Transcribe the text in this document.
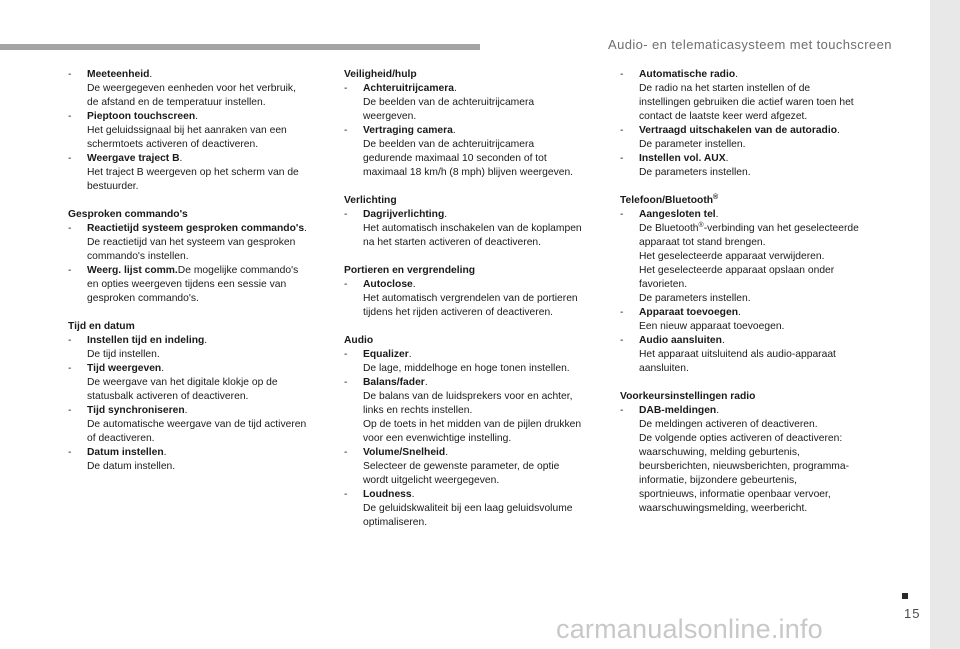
Audio- en telematicasysteem met touchscreen
15
carmanualsonline.info
- Meeteenheid.
De weergegeven eenheden voor het verbruik,
de afstand en de temperatuur instellen.
- Pieptoon touchscreen.
Het geluidssignaal bij het aanraken van een
schermtoets activeren of deactiveren.
- Weergave traject B.
Het traject B weergeven op het scherm van de
bestuurder.
Gesproken commando's
- Reactietijd systeem gesproken commando's.
De reactietijd van het systeem van gesproken
commando's instellen.
- Weerg. lijst comm.De mogelijke commando's
en opties weergeven tijdens een sessie van
gesproken commando's.
Tijd en datum
- Instellen tijd en indeling.
De tijd instellen.
- Tijd weergeven.
De weergave van het digitale klokje op de
statusbalk activeren of deactiveren.
- Tijd synchroniseren.
De automatische weergave van de tijd activeren
of deactiveren.
- Datum instellen.
De datum instellen.
Veiligheid/hulp
- Achteruitrijcamera.
De beelden van de achteruitrijcamera
weergeven.
- Vertraging camera.
De beelden van de achteruitrijcamera
gedurende maximaal 10 seconden of tot
maximaal 18 km/h (8 mph) blijven weergeven.
Verlichting
- Dagrijverlichting.
Het automatisch inschakelen van de koplampen
na het starten activeren of deactiveren.
Portieren en vergrendeling
- Autoclose.
Het automatisch vergrendelen van de portieren
tijdens het rijden activeren of deactiveren.
Audio
- Equalizer.
De lage, middelhoge en hoge tonen instellen.
- Balans/fader.
De balans van de luidsprekers voor en achter,
links en rechts instellen.
Op de toets in het midden van de pijlen drukken
voor een evenwichtige instelling.
- Volume/Snelheid.
Selecteer de gewenste parameter, de optie
wordt uitgelicht weergegeven.
- Loudness.
De geluidskwaliteit bij een laag geluidsvolume
optimaliseren.
- Automatische radio.
De radio na het starten instellen of de
instellingen gebruiken die actief waren toen het
contact de laatste keer werd afgezet.
- Vertraagd uitschakelen van de autoradio.
De parameter instellen.
- Instellen vol. AUX.
De parameters instellen.
Telefoon/Bluetooth®
- Aangesloten tel.
De Bluetooth®-verbinding van het geselecteerde
apparaat tot stand brengen.
Het geselecteerde apparaat verwijderen.
Het geselecteerde apparaat opslaan onder
favorieten.
De parameters instellen.
- Apparaat toevoegen.
Een nieuw apparaat toevoegen.
- Audio aansluiten.
Het apparaat uitsluitend als audio-apparaat
aansluiten.
Voorkeursinstellingen radio
- DAB-meldingen.
De meldingen activeren of deactiveren.
De volgende opties activeren of deactiveren:
waarschuwing, melding geburtenis,
beursberichten, nieuwsberichten, programma-
informatie, bijzondere gebeurtenis,
sportnieuws, informatie openbaar vervoer,
waarschuwingsmelding, weerbericht.
